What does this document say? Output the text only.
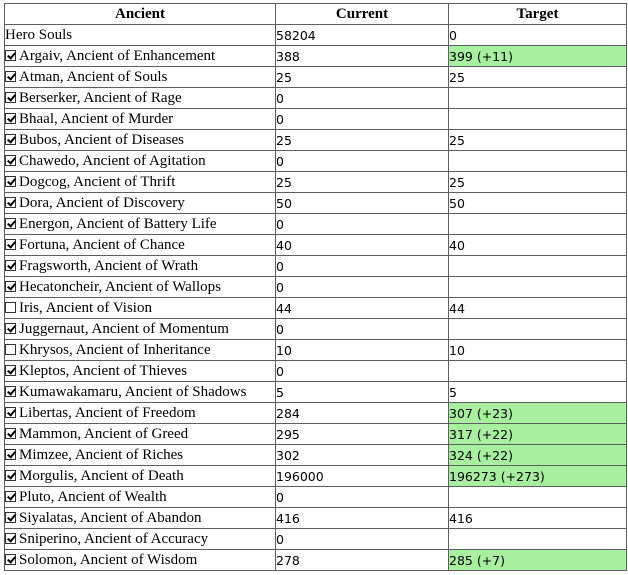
Ancient	Current	Target
Hero Souls	58204	0
Argaiv, Ancient of Enhancement	388	399 (+11)
Atman, Ancient of Souls	25	25
Berserker, Ancient of Rage	0	
Bhaal, Ancient of Murder	0	
Bubos, Ancient of Diseases	25	25
Chawedo, Ancient of Agitation	0	
Dogcog, Ancient of Thrift	25	25
Dora, Ancient of Discovery	50	50
Energon, Ancient of Battery Life	0	
Fortuna, Ancient of Chance	40	40
Fragsworth, Ancient of Wrath	0	
Hecatoncheir, Ancient of Wallops	0	
Iris, Ancient of Vision	44	44
Juggernaut, Ancient of Momentum	0	
Khrysos, Ancient of Inheritance	10	10
Kleptos, Ancient of Thieves	0	
Kumawakamaru, Ancient of Shadows	5	5
Libertas, Ancient of Freedom	284	307 (+23)
Mammon, Ancient of Greed	295	317 (+22)
Mimzee, Ancient of Riches	302	324 (+22)
Morgulis, Ancient of Death	196000	196273 (+273)
Pluto, Ancient of Wealth	0	
Siyalatas, Ancient of Abandon	416	416
Sniperino, Ancient of Accuracy	0	
Solomon, Ancient of Wisdom	278	285 (+7)
